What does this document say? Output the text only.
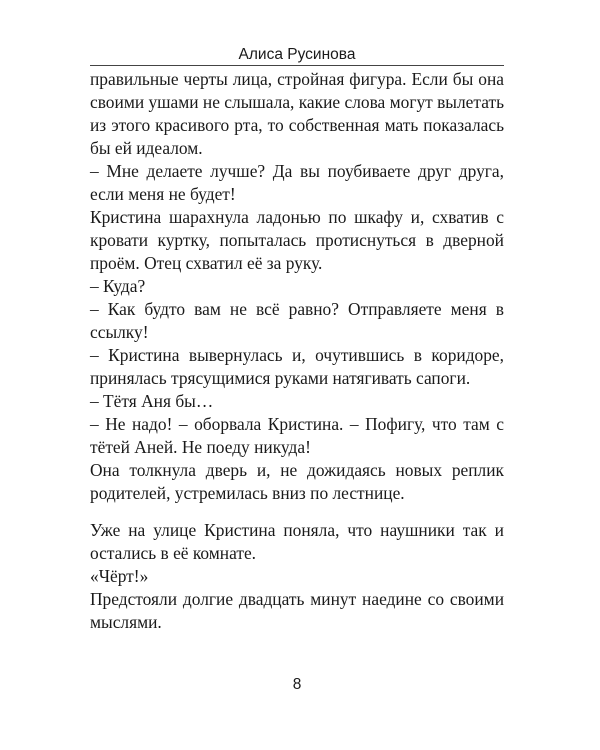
Алиса Русинова

правильные черты лица, стройная фигура. Если бы она своими ушами не слышала, какие слова могут вылетать из этого красивого рта, то собственная мать показалась бы ей идеалом.

– Мне делаете лучше? Да вы поубиваете друг друга, если меня не будет!

Кристина шарахнула ладонью по шкафу и, схватив с кровати куртку, попыталась протиснуться в дверной проём. Отец схватил её за руку.

– Куда?

– Как будто вам не всё равно? Отправляете меня в ссылку!

– Кристина вывернулась и, очутившись в коридоре, принялась трясущимися руками натягивать сапоги.

– Тётя Аня бы…

– Не надо! – оборвала Кристина. – Пофигу, что там с тётей Аней. Не поеду никуда!

Она толкнула дверь и, не дожидаясь новых реплик родителей, устремилась вниз по лестнице.

Уже на улице Кристина поняла, что наушники так и остались в её комнате.

«Чёрт!»

Предстояли долгие двадцать минут наедине со своими мыслями.

8
